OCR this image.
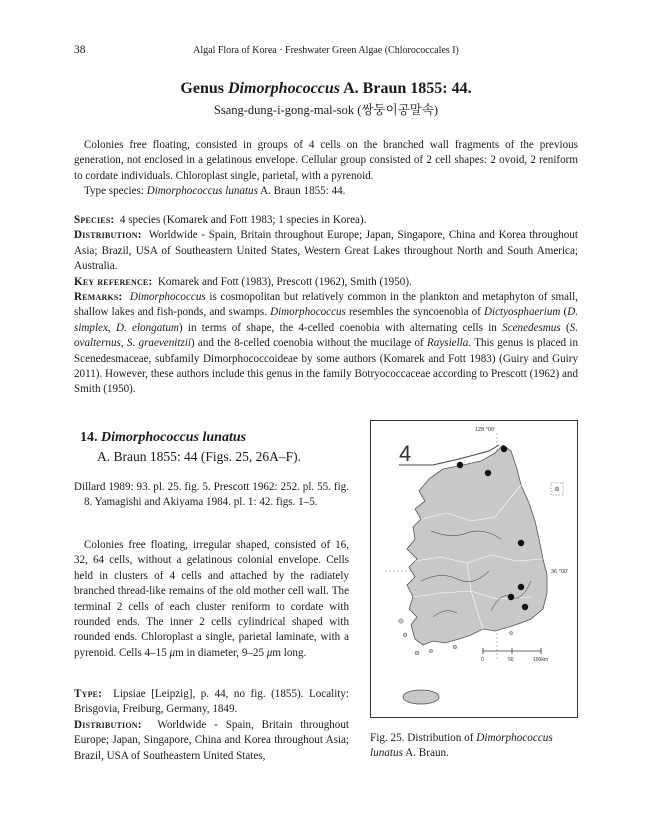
38	Algal Flora of Korea · Freshwater Green Algae (Chlorococcales I)
Genus Dimorphococcus A. Braun 1855: 44.
Ssang-dung-i-gong-mal-sok (쌍둥이공말속)

Colonies free floating, consisted in groups of 4 cells on the branched wall fragments of the previous generation, not enclosed in a gelatinous envelope. Cellular group consisted of 2 cell shapes: 2 ovoid, 2 reniform to cordate individuals. Chloroplast single, parietal, with a pyrenoid.

Type species: Dimorphococcus lunatus A. Braun 1855: 44.

Species: 4 species (Komarek and Fott 1983; 1 species in Korea).

Distribution: Worldwide - Spain, Britain throughout Europe; Japan, Singapore, China and Korea throughout Asia; Brazil, USA of Southeastern United States, Western Great Lakes throughout North and South America; Australia.

Key reference: Komarek and Fott (1983), Prescott (1962), Smith (1950).

Remarks: Dimorphococcus is cosmopolitan but relatively common in the plankton and metaphyton of small, shallow lakes and fish-ponds, and swamps. Dimorphococcus resembles the syncoenobia of Dictyosphaerium (D. simplex, D. elongatum) in terms of shape, the 4-celled coenobia with alternating cells in Scenedesmus (S. ovalternus, S. graevenitzii) and the 8-celled coenobia without the mucilage of Raysiella. This genus is placed in Scenedesmaceae, subfamily Dimorphococcoideae by some authors (Komarek and Fott 1983) (Guiry and Guiry 2011). However, these authors include this genus in the family Botryococcaceae according to Prescott (1962) and Smith (1950).

14. Dimorphococcus lunatus
A. Braun 1855: 44 (Figs. 25, 26A–F).

Dillard 1989: 93. pl. 25. fig. 5. Prescott 1962: 252. pl. 55. fig. 8. Yamagishi and Akiyama 1984. pl. 1: 42. figs. 1–5.

Colonies free floating, irregular shaped, consisted of 16, 32, 64 cells, without a gelatinous colonial envelope. Cells held in clusters of 4 cells and attached by the radiately branched thread-like remains of the old mother cell wall. The terminal 2 cells of each cluster reniform to cordate with rounded ends. The inner 2 cells cylindrical shaped with rounded ends. Chloroplast a single, parietal laminate, with a pyrenoid. Cells 4–15 μm in diameter, 9–25 μm long.

Type: Lipsiae [Leipzig], p. 44, no fig. (1855). Locality: Brisgovia, Freiburg, Germany, 1849.

Distribution: Worldwide - Spain, Britain throughout Europe; Japan, Singapore, China and Korea throughout Asia; Brazil, USA of Southeastern United States,

4
128 °00'
36 °00'
0	50	100km
Fig. 25. Distribution of Dimorphococcus lunatus A. Braun.
